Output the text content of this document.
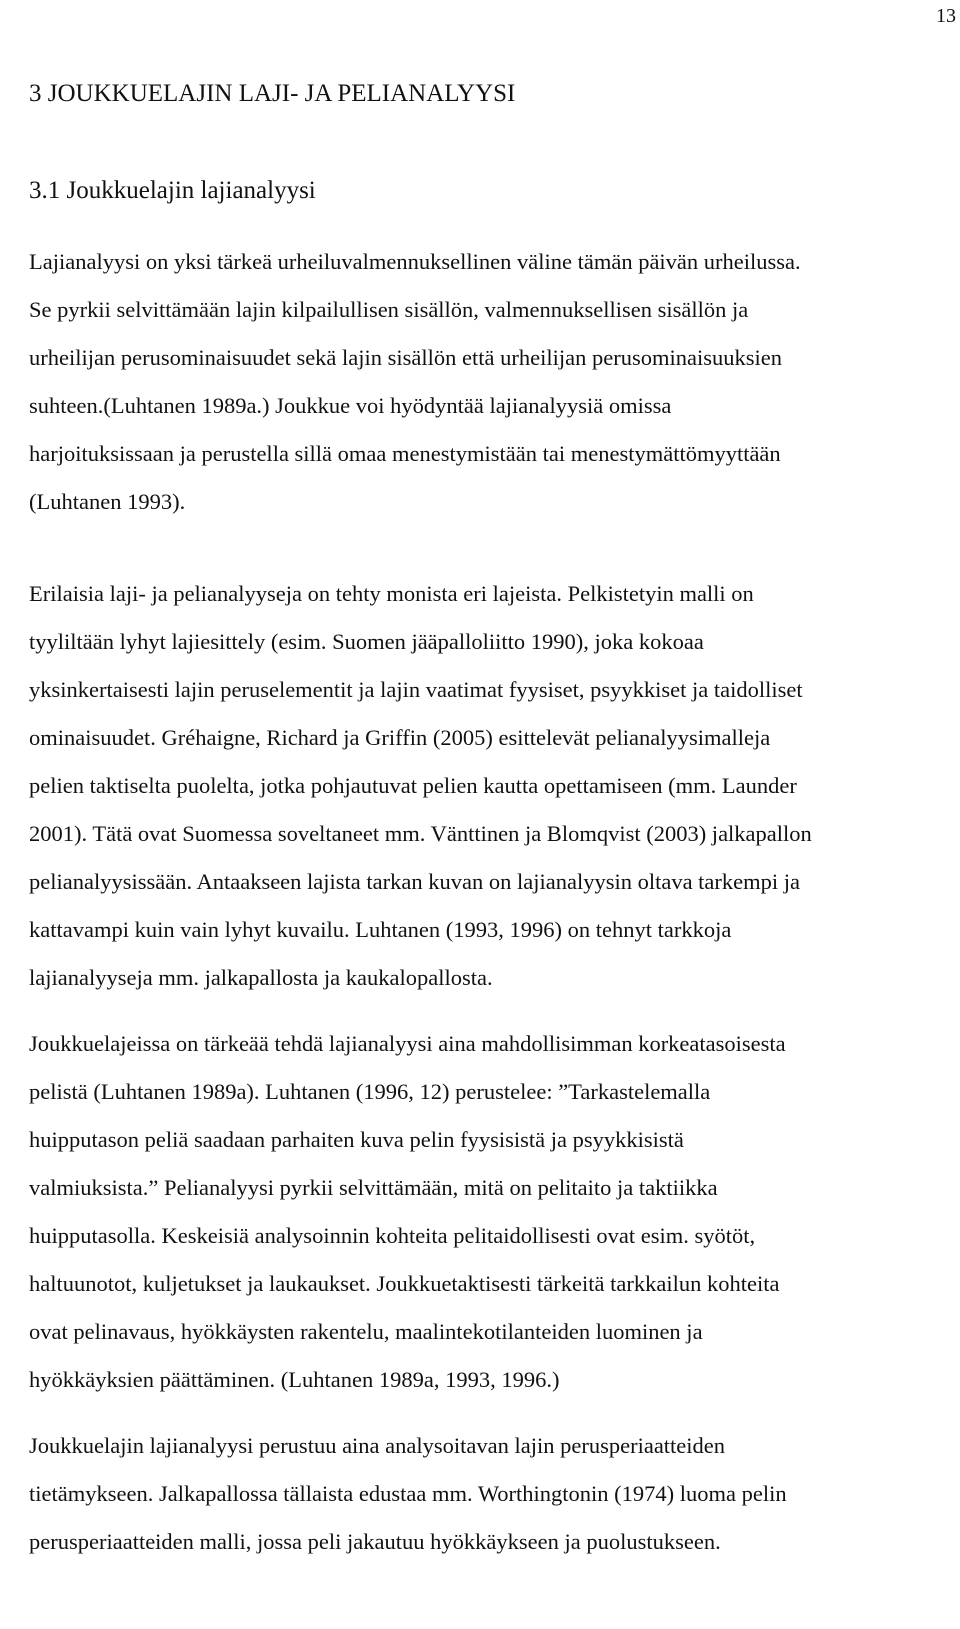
13
3 JOUKKUELAJIN LAJI- JA PELIANALYYSI
3.1 Joukkuelajin lajianalyysi
Lajianalyysi on yksi tärkeä urheiluvalmennuksellinen väline tämän päivän urheilussa.
Se pyrkii selvittämään lajin kilpailullisen sisällön, valmennuksellisen sisällön ja
urheilijan perusominaisuudet sekä lajin sisällön että urheilijan perusominaisuuksien
suhteen.(Luhtanen 1989a.) Joukkue voi hyödyntää lajianalyysiä omissa
harjoituksissaan ja perustella sillä omaa menestymistään tai menestymättömyyttään
(Luhtanen 1993).
Erilaisia laji- ja pelianalyyseja on tehty monista eri lajeista. Pelkistetyin malli on
tyyliltään lyhyt lajiesittely (esim. Suomen jääpalloliitto 1990), joka kokoaa
yksinkertaisesti lajin peruselementit ja lajin vaatimat fyysiset, psyykkiset ja taidolliset
ominaisuudet. Gréhaigne, Richard ja Griffin (2005) esittelevät pelianalyysimalleja
pelien taktiselta puolelta, jotka pohjautuvat pelien kautta opettamiseen (mm. Launder
2001). Tätä ovat Suomessa soveltaneet mm. Vänttinen ja Blomqvist (2003) jalkapallon
pelianalyysissään. Antaakseen lajista tarkan kuvan on lajianalyysin oltava tarkempi ja
kattavampi kuin vain lyhyt kuvailu. Luhtanen (1993, 1996) on tehnyt tarkkoja
lajianalyyseja mm. jalkapallosta ja kaukalopallosta.
Joukkuelajeissa on tärkeää tehdä lajianalyysi aina mahdollisimman korkeatasoisesta
pelistä (Luhtanen 1989a). Luhtanen (1996, 12) perustelee: ”Tarkastelemalla
huipputason peliä saadaan parhaiten kuva pelin fyysisistä ja psyykkisistä
valmiuksista.” Pelianalyysi pyrkii selvittämään, mitä on pelitaito ja taktiikka
huipputasolla. Keskeisiä analysoinnin kohteita pelitaidollisesti ovat esim. syötöt,
haltuunotot, kuljetukset ja laukaukset. Joukkuetaktisesti tärkeitä tarkkailun kohteita
ovat pelinavaus, hyökkäysten rakentelu, maalintekotilanteiden luominen ja
hyökkäyksien päättäminen. (Luhtanen 1989a, 1993, 1996.)
Joukkuelajin lajianalyysi perustuu aina analysoitavan lajin perusperiaatteiden
tietämykseen. Jalkapallossa tällaista edustaa mm. Worthingtonin (1974) luoma pelin
perusperiaatteiden malli, jossa peli jakautuu hyökkäykseen ja puolustukseen.
